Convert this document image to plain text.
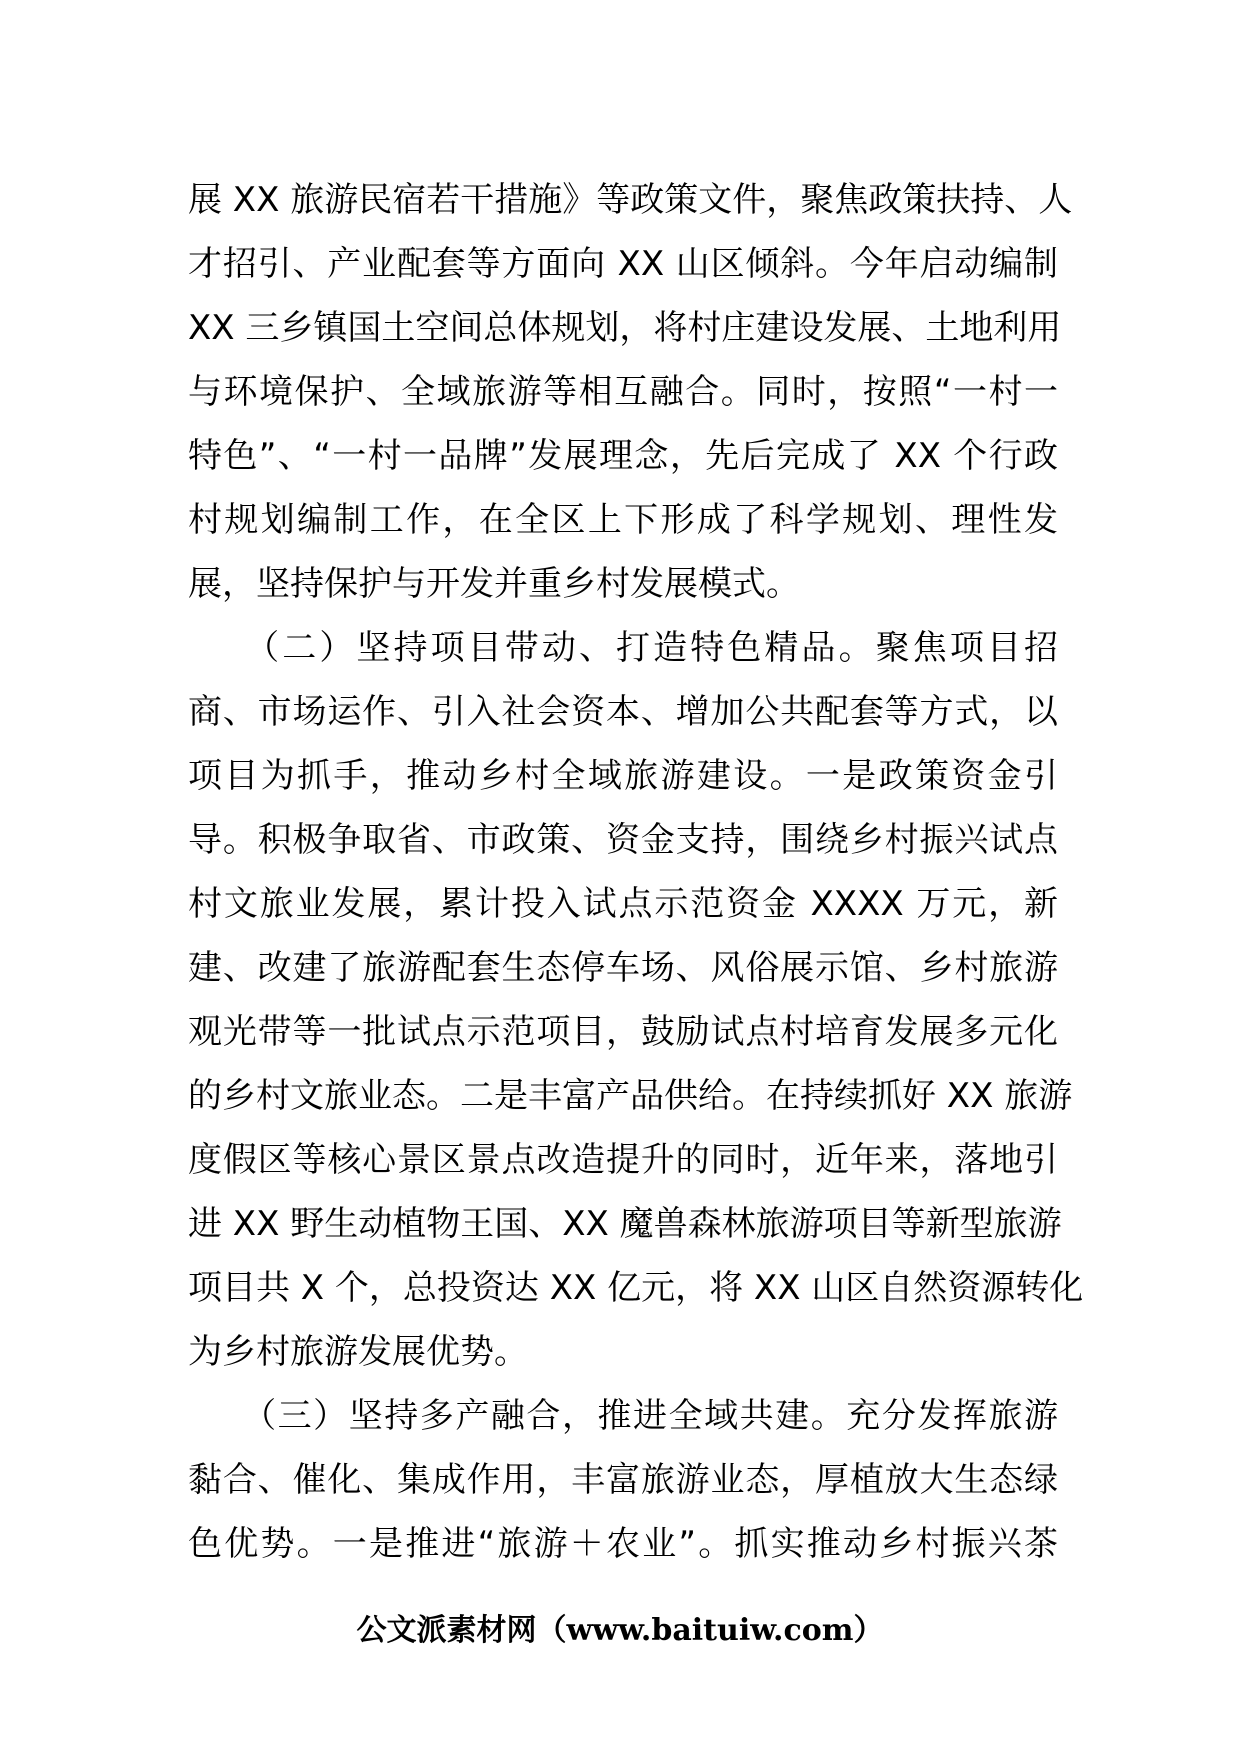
展 XX 旅游民宿若干措施》等政策文件，聚焦政策扶持、人
才招引、产业配套等方面向 XX 山区倾斜。今年启动编制
XX 三乡镇国土空间总体规划，将村庄建设发展、土地利用
与环境保护、全域旅游等相互融合。同时，按照“一村一
特色”、“一村一品牌”发展理念，先后完成了 XX 个行政
村规划编制工作，在全区上下形成了科学规划、理性发
展，坚持保护与开发并重乡村发展模式。
　　（二）坚持项目带动、打造特色精品。聚焦项目招
商、市场运作、引入社会资本、增加公共配套等方式，以
项目为抓手，推动乡村全域旅游建设。一是政策资金引
导。积极争取省、市政策、资金支持，围绕乡村振兴试点
村文旅业发展，累计投入试点示范资金 XXXX 万元，新
建、改建了旅游配套生态停车场、风俗展示馆、乡村旅游
观光带等一批试点示范项目，鼓励试点村培育发展多元化
的乡村文旅业态。二是丰富产品供给。在持续抓好 XX 旅游
度假区等核心景区景点改造提升的同时，近年来，落地引
进 XX 野生动植物王国、XX 魔兽森林旅游项目等新型旅游
项目共 X 个，总投资达 XX 亿元，将 XX 山区自然资源转化
为乡村旅游发展优势。
　　（三）坚持多产融合，推进全域共建。充分发挥旅游
黏合、催化、集成作用，丰富旅游业态，厚植放大生态绿
色优势。一是推进“旅游＋农业”。抓实推动乡村振兴茶
公文派素材网（www.baituiw.com）
